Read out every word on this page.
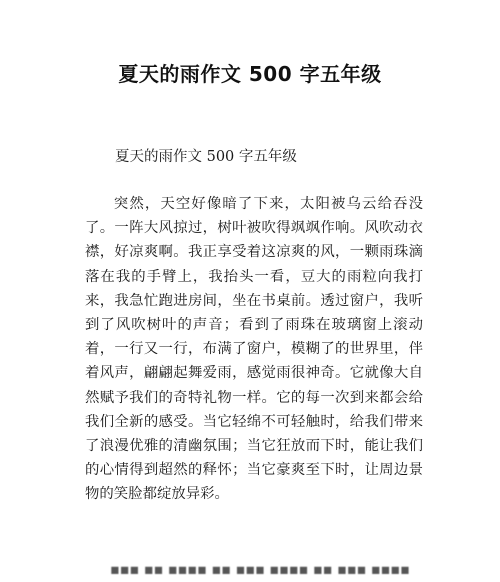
夏天的雨作文 500 字五年级
夏天的雨作文 500 字五年级

突然，天空好像暗了下来，太阳被乌云给吞没了。一阵大风掠过，树叶被吹得飒飒作响。风吹动衣襟，好凉爽啊。我正享受着这凉爽的风，一颗雨珠滴落在我的手臂上，我抬头一看，豆大的雨粒向我打来，我急忙跑进房间，坐在书桌前。透过窗户，我听到了风吹树叶的声音；看到了雨珠在玻璃窗上滚动着，一行又一行，布满了窗户，模糊了的世界里，伴着风声，翩翩起舞爱雨，感觉雨很神奇。它就像大自然赋予我们的奇特礼物一样。它的每一次到来都会给我们全新的感受。当它轻绵不可轻触时，给我们带来了浪漫优雅的清幽氛围；当它狂放而下时，能让我们的心情得到超然的释怀；当它豪爽至下时，让周边景物的笑脸都绽放异彩。

▪▪▪ ▪▪ ▪▪▪▪ ▪▪ ▪▪▪ ▪▪▪▪ ▪▪ ▪▪▪ ▪▪▪▪
